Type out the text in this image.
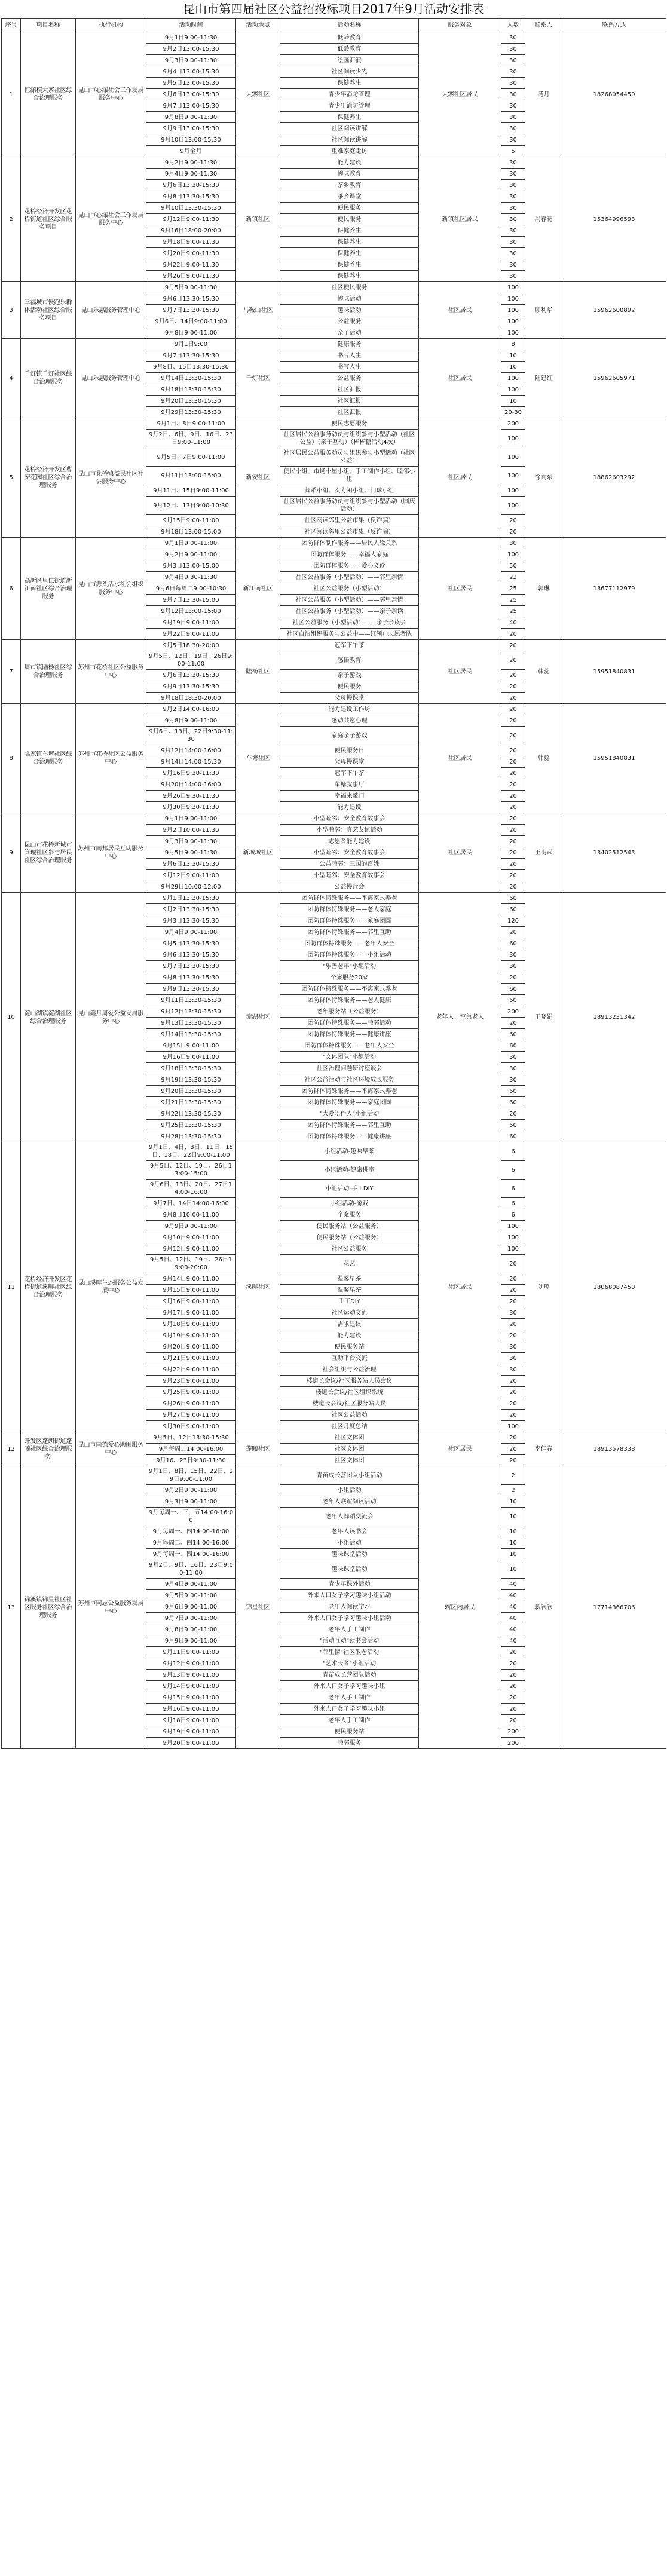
昆山市第四届社区公益招投标项目2017年9月活动安排表
序号	项目名称	执行机构	活动时间	活动地点	活动名称	服务对象	人数	联系人	联系方式
1	恒漾模大寨社区综合治理服务	昆山市心漾社会工作发展服务中心	9月1日9:00-11:30	大寨社区	低龄教育	大寨社区居民	30	汤月	18268054450
			9月2日13:00-15:30		低龄教育		30		
			9月3日9:00-11:30		绘画汇演		30		
			9月4日13:00-15:30		社区阅读少先		30		
			9月5日13:00-15:30		保健养生		30		
			9月6日13:00-15:30		青少年消防管理		30		
			9月7日13:00-15:30		青少年消防管理		30		
			9月8日9:00-11:30		保健养生		30		
			9月9日13:00-15:30		社区阅读讲解		30		
			9月10日13:00-15:30		社区阅读讲解		30		
			9月全月		重难家庭走访		5		
2	花桥经济开发区花桥街道社区综合服务项目	昆山市心漾社会工作发展服务中心	9月2日9:00-11:30	新镇社区	能力建设	新镇社区居民	30	冯春花	15364996593
			9月4日9:00-11:30		趣味教育		30		
			9月6日13:30-15:30		茶乡教育		30		
			9月8日13:30-15:30		茶乡课堂		30		
			9月10日13:30-15:30		便民服务		30		
			9月12日9:00-11:30		便民服务		30		
			9月16日18:00-20:00		保健养生		30		
			9月18日9:00-11:30		保健养生		30		
			9月20日9:00-11:30		保健养生		30		
			9月22日9:00-11:30		保健养生		30		
			9月26日9:00-11:30		保健养生		30		
3	幸福城市慢跑乐群体活动社区综合服务项目	昆山乐惠服务管理中心	9月5日9:00-11:30	马鞍山社区	社区便民服务	社区居民	100	顾利华	15962600892
			9月6日13:30-15:30		趣味活动		100		
			9月7日13:30-15:30		趣味活动		100		
			9月6日、14日9:00-11:00		公益服务		100		
			9月8日9:00-11:00		亲子活动		100		
4	千灯镇千灯社区综合治理服务	昆山乐惠服务管理中心	9月1日9:00	千灯社区	健康服务	社区居民	8	陆建红	15962605971
			9月7日13:30-15:30		书写人生		10		
			9月8日、15日13:30-15:30		书写人生		10		
			9月14日13:30-15:30		公益服务		100		
			9月18日13:30-15:30		社区汇报		100		
			9月20日13:30-15:30		社区汇报		10		
			9月29日13:30-15:30		社区汇报		20-30		
5	花桥经济开发区曹安花园社区综合治理服务	昆山市花桥镇益民社区社会服务中心	9月1日、8日9:00-11:00	新安社区	便民志愿服务	社区居民	200	徐向东	18862603292
			9月2日、6日、9日、16日、23日9:00-11:00		社区居民公益服务动员与组织参与小型活动（社区公益）（亲子互动）（棒棒糖活动4次）		100		
			9月5日、7日9:00-11:00		社区居民公益服务动员与组织参与小型活动（社区公益）		100		
			9月11日13:00-15:00		便民小组、市场小屋小组、手工制作小组、睦邻小组		100		
			9月11日、15日9:00-11:00		舞蹈小组、卖力闲小组、门球小组		100		
			9月12日、13日9:00-10:30		社区居民公益服务动员与组织参与小型活动（国庆活动）		100		
			9月15日9:00-11:00		社区阅读邻里公益市集（反诈骗）		20		
			9月18日13:00-15:00		社区阅读邻里公益市集（反诈骗）		20		
6	高新区里仁街道新江南社区综合治理服务	昆山市源头活水社会组织服务中心	9月1日9:00-11:00	新江南社区	团防群体制作服务——居民人缘关系	社区居民	30	郭琳	13677112979
			9月2日9:00-11:00		团防群体服务——幸福大家庭		100		
			9月3日13:00-15:00		团防群体服务——爱心义诊		50		
			9月4日9:30-11:30		社区公益服务（小型活动）——邻里亲情		22		
			9月6日每周二9:00-10:30		社区公益服务（小型活动）		25		
			9月7日13:30-15:00		社区公益服务（小型活动）——邻里亲情		25		
			9月12日13:00-15:00		社区公益服务（小型活动）——亲子亲读		25		
			9月19日9:00-11:00		社区公益服务（小型活动）——亲子亲读会		40		
			9月22日9:00-11:00		社区自治组织服务与公益中——红领巾志愿者队		20		
7	周市镇陆杨社区综合治理服务	苏州市花桥社区公益服务中心	9月5日18:30-20:00	陆杨社区	冠军下午茶	社区居民	20	韩蕊	15951840831
			9月5日、12日、19日、26日9:00-11:00		感悟教育		20		
			9月6日13:30-15:30		亲子游戏		20		
			9月9日13:30-15:30		便民服务		20		
			9月18日18:30-20:00		父母慢课堂		20		
8	陆家镇车塘社区综合治理服务	苏州市花桥社区公益服务中心	9月2日14:00-16:00	车塘社区	能力建设工作坊	社区居民	20	韩蕊	15951840831
			9月8日9:00-11:00		感动共慰心理		20		
			9月6日、13日、22日9:30-11:30		家庭亲子游戏		20		
			9月12日14:00-16:00		便民服务日		20		
			9月14日14:00-15:30		父母慢课堂		20		
			9月16日9:30-11:30		冠军下午茶		20		
			9月20日14:00-16:00		车塘叙事厅		20		
			9月26日9:30-11:30		幸福来敲门		20		
			9月30日9:30-11:30		能力建设		20		
9	昆山市花桥新城市管理社区参与居民社区综合治理服务	苏州市同邦居民互助服务中心	9月1日9:00-11:00	新城城社区	小型睦邻：安全教育故事会	社区居民	20	王明武	13402512543
			9月2日10:00-11:30		小型睦邻：真艺友谊活动		20		
			9月3日9:00-11:30		志愿者能力建设		20		
			9月5日9:00-11:30		小型睦邻：安全教育故事会		20		
			9月6日13:30-15:30		公益睦邻：三国的百姓		20		
			9月12日9:00-11:00		小型睦邻：安全教育故事会		20		
			9月29日10:00-12:00		公益慢行会		20		
10	淀山湖镇淀湖社区综合治理服务	昆山鑫月周爱公益发展服务中心	9月1日13:30-15:30	淀湖社区	团防群体特殊服务——不离家式养老	老年人、空巢老人	60	王晓娟	18913231342
			9月2日13:30-15:30		团防群体特殊服务——老人家庭		60		
			9月3日13:30-15:30		团防群体特殊服务——家庭团圆		120		
			9月4日9:00-11:00		团防群体特殊服务——邻里互助		20		
			9月5日13:30-15:30		团防群体特殊服务——老年人安全		60		
			9月6日13:30-15:30		团防群体特殊服务——小组活动		30		
			9月7日13:30-15:30		"乐善老年"小组活动		30		
			9月8日13:30-15:30		个案服务20家		20		
			9月9日13:30-15:30		团防群体特殊服务——不离家式养老		60		
			9月11日13:30-15:30		团防群体特殊服务——老人健康		60		
			9月12日13:30-15:30		老年服务站（公益服务）		200		
			9月13日13:30-15:30		团防群体特殊服务——睦邻活动		20		
			9月14日13:30-15:30		团防群体特殊服务——健康讲座		60		
			9月15日9:00-11:00		团防群体特殊服务——老年人安全		60		
			9月16日9:00-11:00		"文体团队"小组活动		30		
			9月18日13:30-15:30		社区治理问题研讨座谈会		30		
			9月19日13:30-15:30		社区公益活动与社区环境成长服务		30		
			9月20日13:30-15:30		团防群体特殊服务——不离家式养老		60		
			9月21日13:30-15:30		团防群体特殊服务——家庭团圆		60		
			9月22日13:30-15:30		"大爱陪伴人"小组活动		20		
			9月25日13:30-15:30		团防群体特殊服务——邻里互助		60		
			9月28日13:30-15:30		团防群体特殊服务——健康讲座		60		
11	花桥经济开发区花桥街道溪畔社区综合治理服务	昆山溪畔生态服务公益发展中心	9月1日、4日、8日、11日、15日、18日、22日9:00-11:00	溪畔社区	小组活动-趣味早茶	社区居民	6	刘琼	18068087450
			9月5日、12日、19日、26日13:00-15:00		小组活动-健康讲座		6		
			9月6日、13日、20日、27日14:00-16:00		小组活动-手工DIY		6		
			9月7日、14日14:00-16:00		小组活动-游戏		6		
			9月8日10:00-11:00		个案服务		6		
			9月9日9:00-11:00		便民服务站（公益服务）		100		
			9月10日9:00-11:00		便民服务站（公益服务）		100		
			9月12日9:00-11:00		社区公益服务		100		
			9月5日、12日、19日、26日19:00-20:00		花艺		20		
			9月14日9:00-11:00		温馨早茶		20		
			9月15日9:00-11:00		温馨早茶		20		
			9月16日9:00-11:00		手工DIY		20		
			9月17日9:00-11:00		社区运动交流		30		
			9月18日9:00-11:00		需求建议		20		
			9月19日9:00-11:00		能力建设		20		
			9月20日9:00-11:00		便民服务站		30		
			9月21日9:00-11:00		互助平台交流		30		
			9月22日9:00-11:00		社会组织与公益治理		30		
			9月23日9:00-11:00		楼道长会议/社区服务站人员会议		20		
			9月25日9:00-11:00		楼道长会议/社区组织系统		20		
			9月26日9:00-11:00		楼道长会议/社区服务站人员		20		
			9月27日9:00-11:00		社区公益活动		20		
			9月30日9:00-11:00		社区月度总结		100		
12	开发区蓬朗街道蓬曦社区综合治理服务	昆山市同德爱心助困服务中心	9月5日、12日13:30-15:30	蓬曦社区	社区文体团	社区居民	20	李佳春	18913578338
			9月每周二14:00-16:00		社区文体团		20		
			9月16、23日9:30-11:30		社区文体团		20		
13	锦溪镇锦星社区社区服务社区综合治理服务	苏州市同志公益服务发展中心	9月1日、8日、15日、22日、29日9:00-11:00	锦星社区	青苗成长营团队小组活动	辖区内居民	2	蒋欣欣	17714366706
			9月2日9:00-11:00		小组活动		2		
			9月3日9:00-11:00		老年人联谊阅读活动		10		
			9月每周一、三、五14:00-16:00		老年人舞蹈交流会		10		
			9月每周一、四14:00-16:00		老年人读书会		10		
			9月每周二、四14:00-16:00		小组活动		10		
			9月每周一、四14:00-16:00		趣味课堂活动		10		
			9月2日、9日、16日、23日9:00-11:00		趣味课堂活动		10		
			9月4日9:00-11:00		青少年课外活动		40		
			9月5日9:00-11:00		外来人口女子学习趣味小组活动		40		
			9月6日9:00-11:00		老年人阅读学习		40		
			9月7日9:00-11:00		外来人口女子学习趣味小组活动		40		
			9月8日9:00-11:00		老年人手工制作		40		
			9月9日9:00-11:00		"活动互动"读书会活动		40		
			9月11日9:00-11:00		"邻里情"社区敬老活动		20		
			9月12日9:00-11:00		"艺术长者"小组活动		20		
			9月13日9:00-11:00		青苗成长营团队活动		20		
			9月14日9:00-11:00		外来人口女子学习趣味小组		20		
			9月15日9:00-11:00		老年人手工制作		20		
			9月16日9:00-11:00		外来人口女子学习趣味小组		20		
			9月18日9:00-11:00		老年人手工制作		20		
			9月19日9:00-11:00		便民服务站		200		
			9月20日9:00-11:00		睦邻服务		200		
